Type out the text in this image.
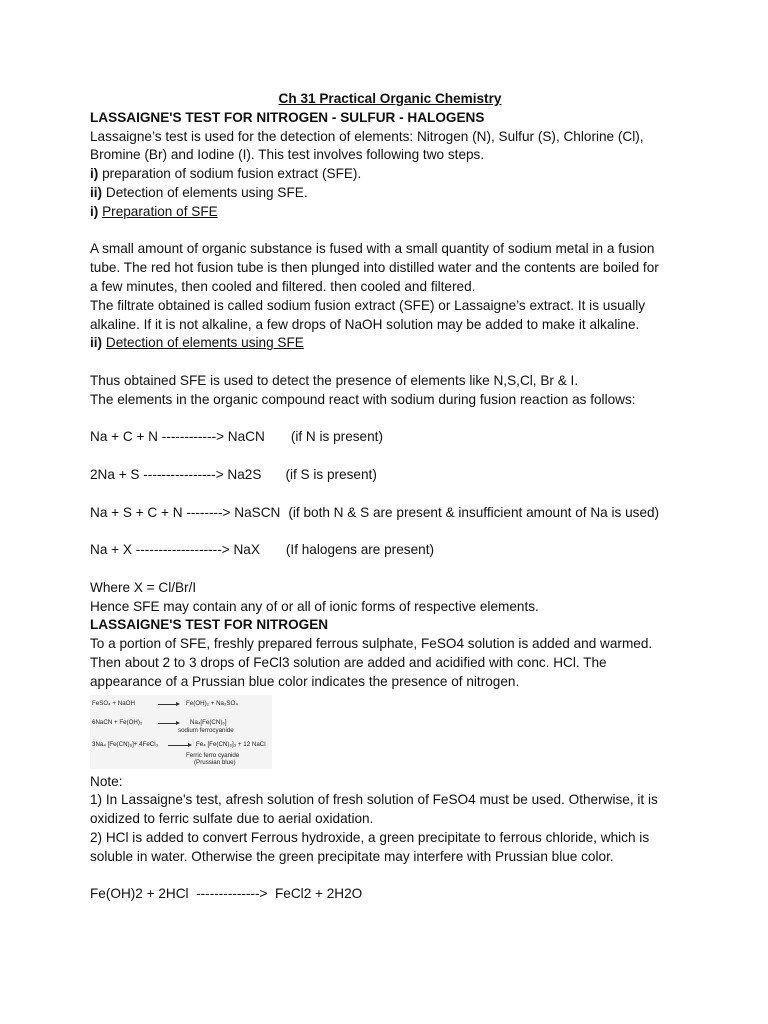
Ch 31 Practical Organic Chemistry
LASSAIGNE'S TEST FOR NITROGEN - SULFUR - HALOGENS
Lassaigne’s test is used for the detection of elements: Nitrogen (N), Sulfur (S), Chlorine (Cl),
Bromine (Br) and Iodine (I). This test involves following two steps.
i) preparation of sodium fusion extract (SFE).
ii) Detection of elements using SFE.
i) Preparation of SFE
A small amount of organic substance is fused with a small quantity of sodium metal in a fusion
tube. The red hot fusion tube is then plunged into distilled water and the contents are boiled for
a few minutes, then cooled and filtered. then cooled and filtered.
The filtrate obtained is called sodium fusion extract (SFE) or Lassaigne’s extract. It is usually
alkaline. If it is not alkaline, a few drops of NaOH solution may be added to make it alkaline.
ii) Detection of elements using SFE
Thus obtained SFE is used to detect the presence of elements like N,S,Cl, Br & I.
The elements in the organic compound react with sodium during fusion reaction as follows:
Na + C + N ------------> NaCN (if N is present)
2Na + S ----------------> Na2S (if S is present)
Na + S + C + N --------> NaSCN (if both N & S are present & insufficient amount of Na is used)
Na + X -------------------> NaX (If halogens are present)
Where X = Cl/Br/I
Hence SFE may contain any of or all of ionic forms of respective elements.
LASSAIGNE'S TEST FOR NITROGEN
To a portion of SFE, freshly prepared ferrous sulphate, FeSO4 solution is added and warmed.
Then about 2 to 3 drops of FeCl3 solution are added and acidified with conc. HCl. The
appearance of a Prussian blue color indicates the presence of nitrogen.
FeSO₄ + NaOH	→ Fe(OH)₂ + Na₂SO₄
6NaCN + Fe(OH)₂	Na₄[Fe(CN)₆]
sodium ferrocyanide
3Na₄ [Fe(CN)₆]+ 4FeCl₃ → Fe₄ [Fe(CN)₆]₃ + 12 NaCl
Ferric ferro cyanide
(Prussian blue)
Note:
1) In Lassaigne's test, afresh solution of fresh solution of FeSO4 must be used. Otherwise, it is
oxidized to ferric sulfate due to aerial oxidation.
2) HCl is added to convert Ferrous hydroxide, a green precipitate to ferrous chloride, which is
soluble in water. Otherwise the green precipitate may interfere with Prussian blue color.
Fe(OH)2 + 2HCl  -------------->  FeCl2 + 2H2O
